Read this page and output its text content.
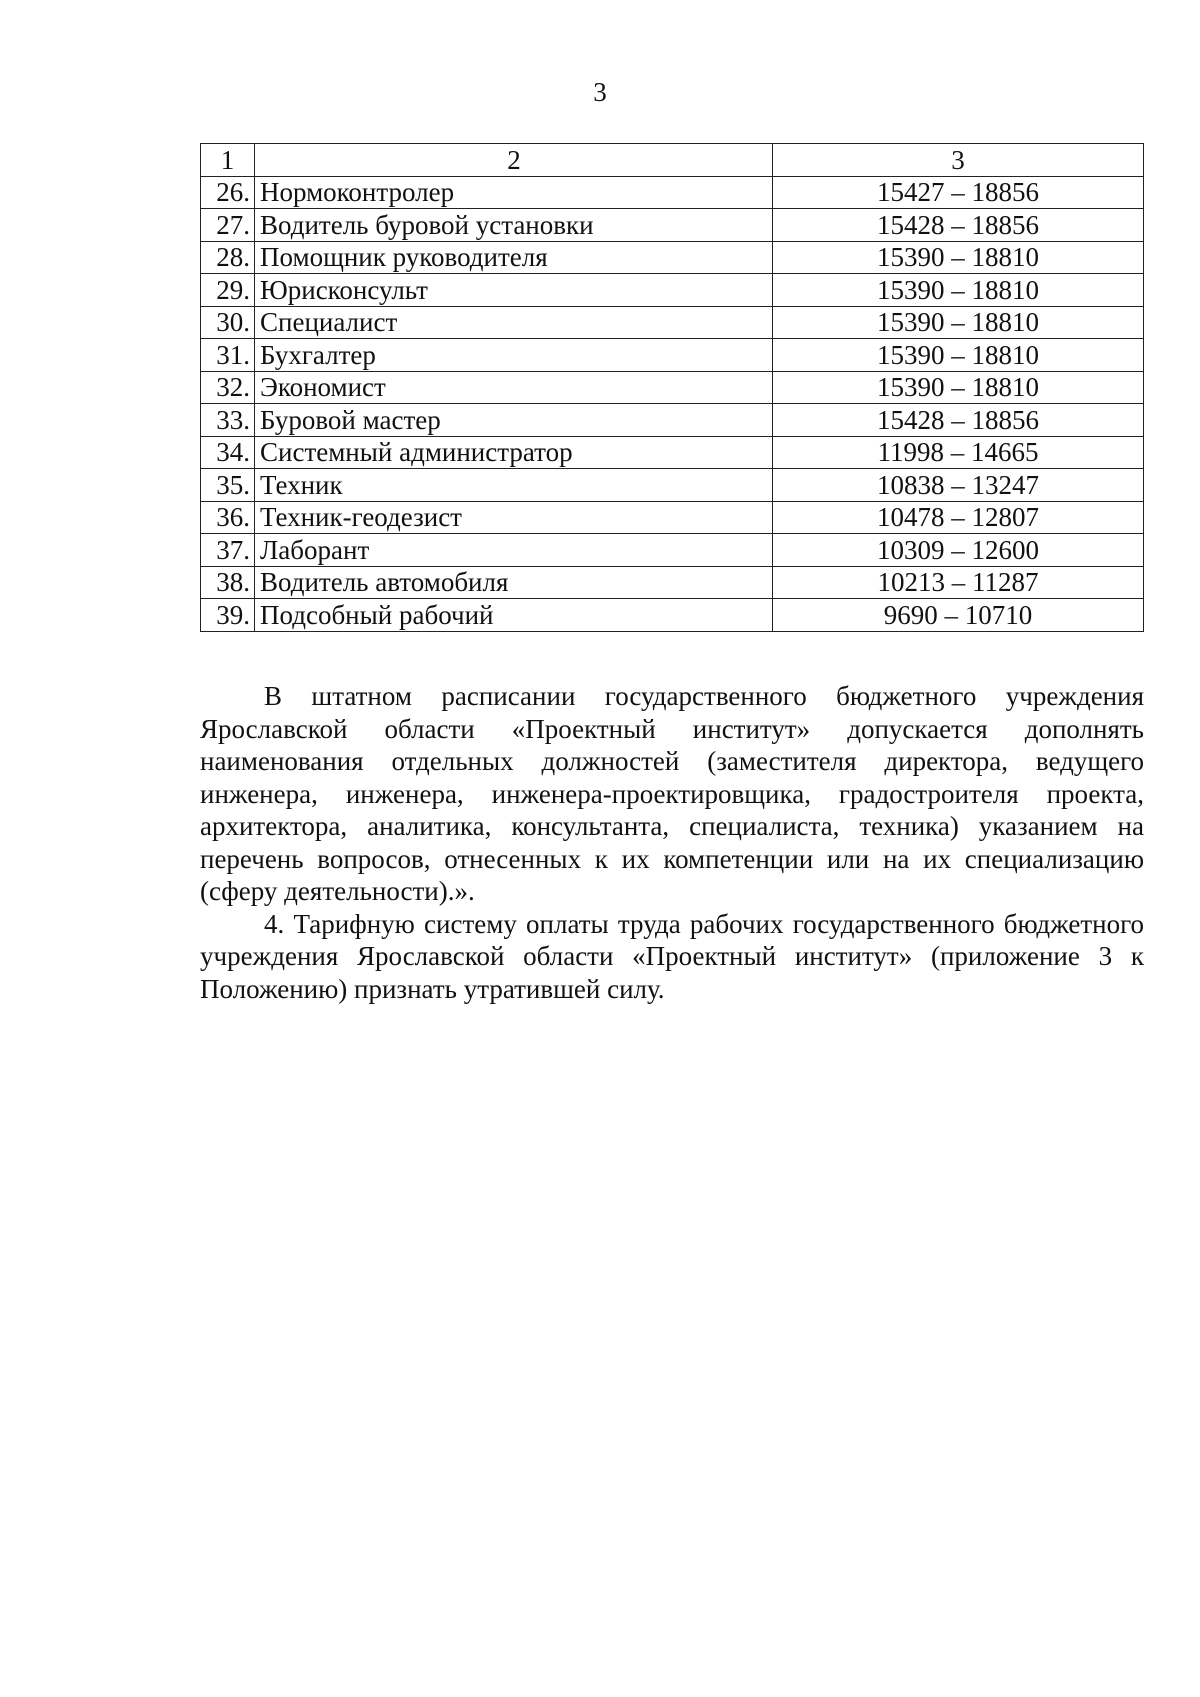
3
1	2	3
26.	Нормоконтролер	15427 – 18856
27.	Водитель буровой установки	15428 – 18856
28.	Помощник руководителя	15390 – 18810
29.	Юрисконсульт	15390 – 18810
30.	Специалист	15390 – 18810
31.	Бухгалтер	15390 – 18810
32.	Экономист	15390 – 18810
33.	Буровой мастер	15428 – 18856
34.	Системный администратор	11998 – 14665
35.	Техник	10838 – 13247
36.	Техник-геодезист	10478 – 12807
37.	Лаборант	10309 – 12600
38.	Водитель автомобиля	10213 – 11287
39.	Подсобный рабочий	9690 – 10710

В штатном расписании государственного бюджетного учреждения Ярославской области «Проектный институт» допускается дополнять наименования отдельных должностей (заместителя директора, ведущего инженера, инженера, инженера-проектировщика, градостроителя проекта, архитектора, аналитика, консультанта, специалиста, техника) указанием на перечень вопросов, отнесенных к их компетенции или на их специализацию (сферу деятельности).».

4. Тарифную систему оплаты труда рабочих государственного бюджетного учреждения Ярославской области «Проектный институт» (приложение 3 к Положению) признать утратившей силу.
